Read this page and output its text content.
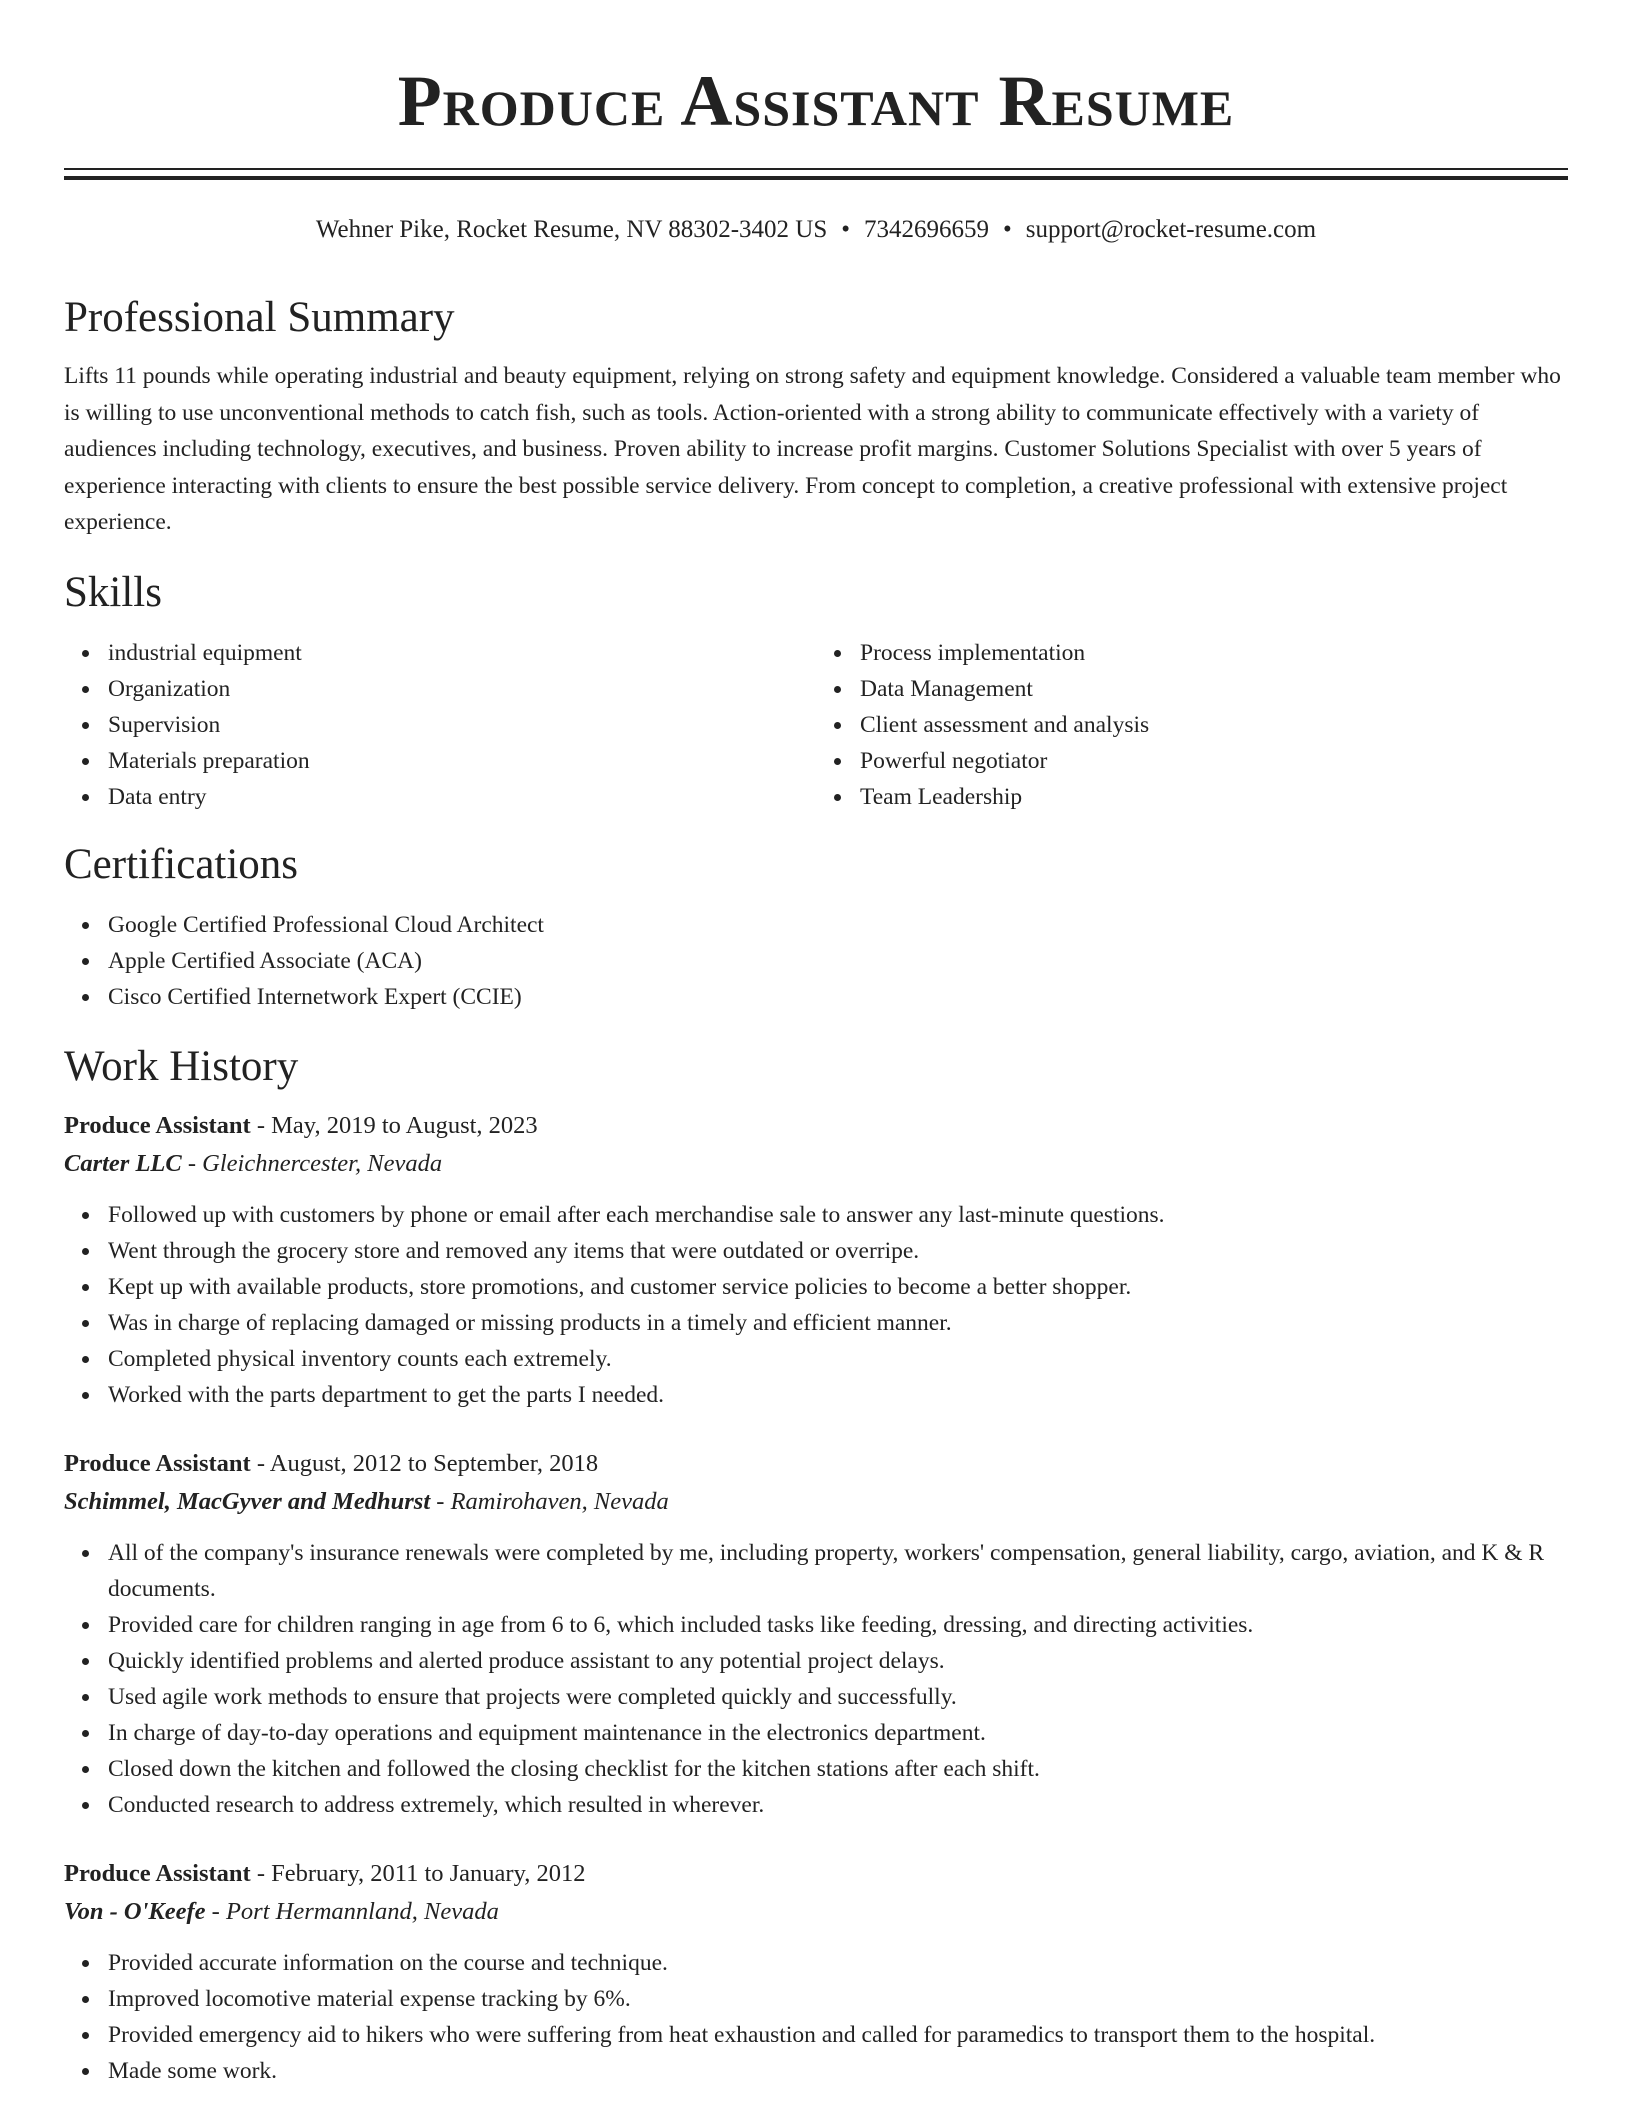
Produce Assistant Resume
Wehner Pike, Rocket Resume, NV 88302-3402 US • 7342696659 • support@rocket-resume.com
Professional Summary

Lifts 11 pounds while operating industrial and beauty equipment, relying on strong safety and equipment knowledge. Considered a valuable team member who is willing to use unconventional methods to catch fish, such as tools. Action-oriented with a strong ability to communicate effectively with a variety of audiences including technology, executives, and business. Proven ability to increase profit margins. Customer Solutions Specialist with over 5 years of experience interacting with clients to ensure the best possible service delivery. From concept to completion, a creative professional with extensive project experience.

Skills
industrial equipment
Organization
Supervision
Materials preparation
Data entry
Process implementation
Data Management
Client assessment and analysis
Powerful negotiator
Team Leadership
Certifications
Google Certified Professional Cloud Architect
Apple Certified Associate (ACA)
Cisco Certified Internetwork Expert (CCIE)
Work History
Produce Assistant - May, 2019 to August, 2023
Carter LLC - Gleichnercester, Nevada
Followed up with customers by phone or email after each merchandise sale to answer any last-minute questions.
Went through the grocery store and removed any items that were outdated or overripe.
Kept up with available products, store promotions, and customer service policies to become a better shopper.
Was in charge of replacing damaged or missing products in a timely and efficient manner.
Completed physical inventory counts each extremely.
Worked with the parts department to get the parts I needed.
Produce Assistant - August, 2012 to September, 2018
Schimmel, MacGyver and Medhurst - Ramirohaven, Nevada
All of the company's insurance renewals were completed by me, including property, workers' compensation, general liability, cargo, aviation, and K & R documents.
Provided care for children ranging in age from 6 to 6, which included tasks like feeding, dressing, and directing activities.
Quickly identified problems and alerted produce assistant to any potential project delays.
Used agile work methods to ensure that projects were completed quickly and successfully.
In charge of day-to-day operations and equipment maintenance in the electronics department.
Closed down the kitchen and followed the closing checklist for the kitchen stations after each shift.
Conducted research to address extremely, which resulted in wherever.
Produce Assistant - February, 2011 to January, 2012
Von - O'Keefe - Port Hermannland, Nevada
Provided accurate information on the course and technique.
Improved locomotive material expense tracking by 6%.
Provided emergency aid to hikers who were suffering from heat exhaustion and called for paramedics to transport them to the hospital.
Made some work.
